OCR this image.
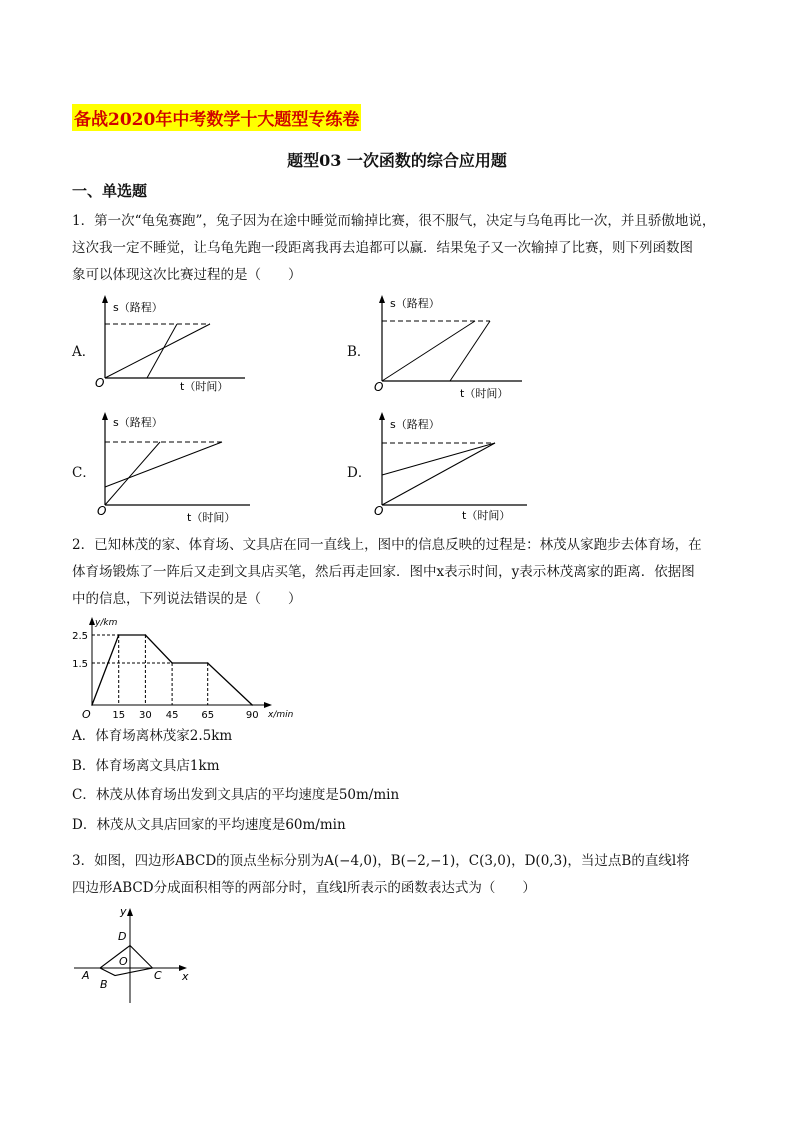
备战2020年中考数学十大题型专练卷
题型03 一次函数的综合应用题
一、单选题
1．第一次“龟兔赛跑”，兔子因为在途中睡觉而输掉比赛，很不服气，决定与乌龟再比一次，并且骄傲地说，
这次我一定不睡觉，让乌龟先跑一段距离我再去追都可以赢．结果兔子又一次输掉了比赛，则下列函数图
象可以体现这次比赛过程的是（　　）
A．	B．
C．	D．
s（路程）
t（时间）
O
s（路程）
t（时间）
O
s（路程）
t（时间）
O
s（路程）
t（时间）
O
2．已知林茂的家、体育场、文具店在同一直线上，图中的信息反映的过程是：林茂从家跑步去体育场，在
体育场锻炼了一阵后又走到文具店买笔，然后再走回家．图中x表示时间，y表示林茂离家的距离．依据图
中的信息，下列说法错误的是（　　）
15 30 45 65	90
2.5
1.5
O	x/min
y/km
A．体育场离林茂家2.5km
B．体育场离文具店1km
C．林茂从体育场出发到文具店的平均速度是50m/min
D．林茂从文具店回家的平均速度是60m/min
3．如图，四边形ABCD的顶点坐标分别为A(−4,0)，B(−2,−1)，C(3,0)，D(0,3)，当过点B的直线l将
四边形ABCD分成面积相等的两部分时，直线l所表示的函数表达式为（　　）
y
x
D
O
A
B
C
